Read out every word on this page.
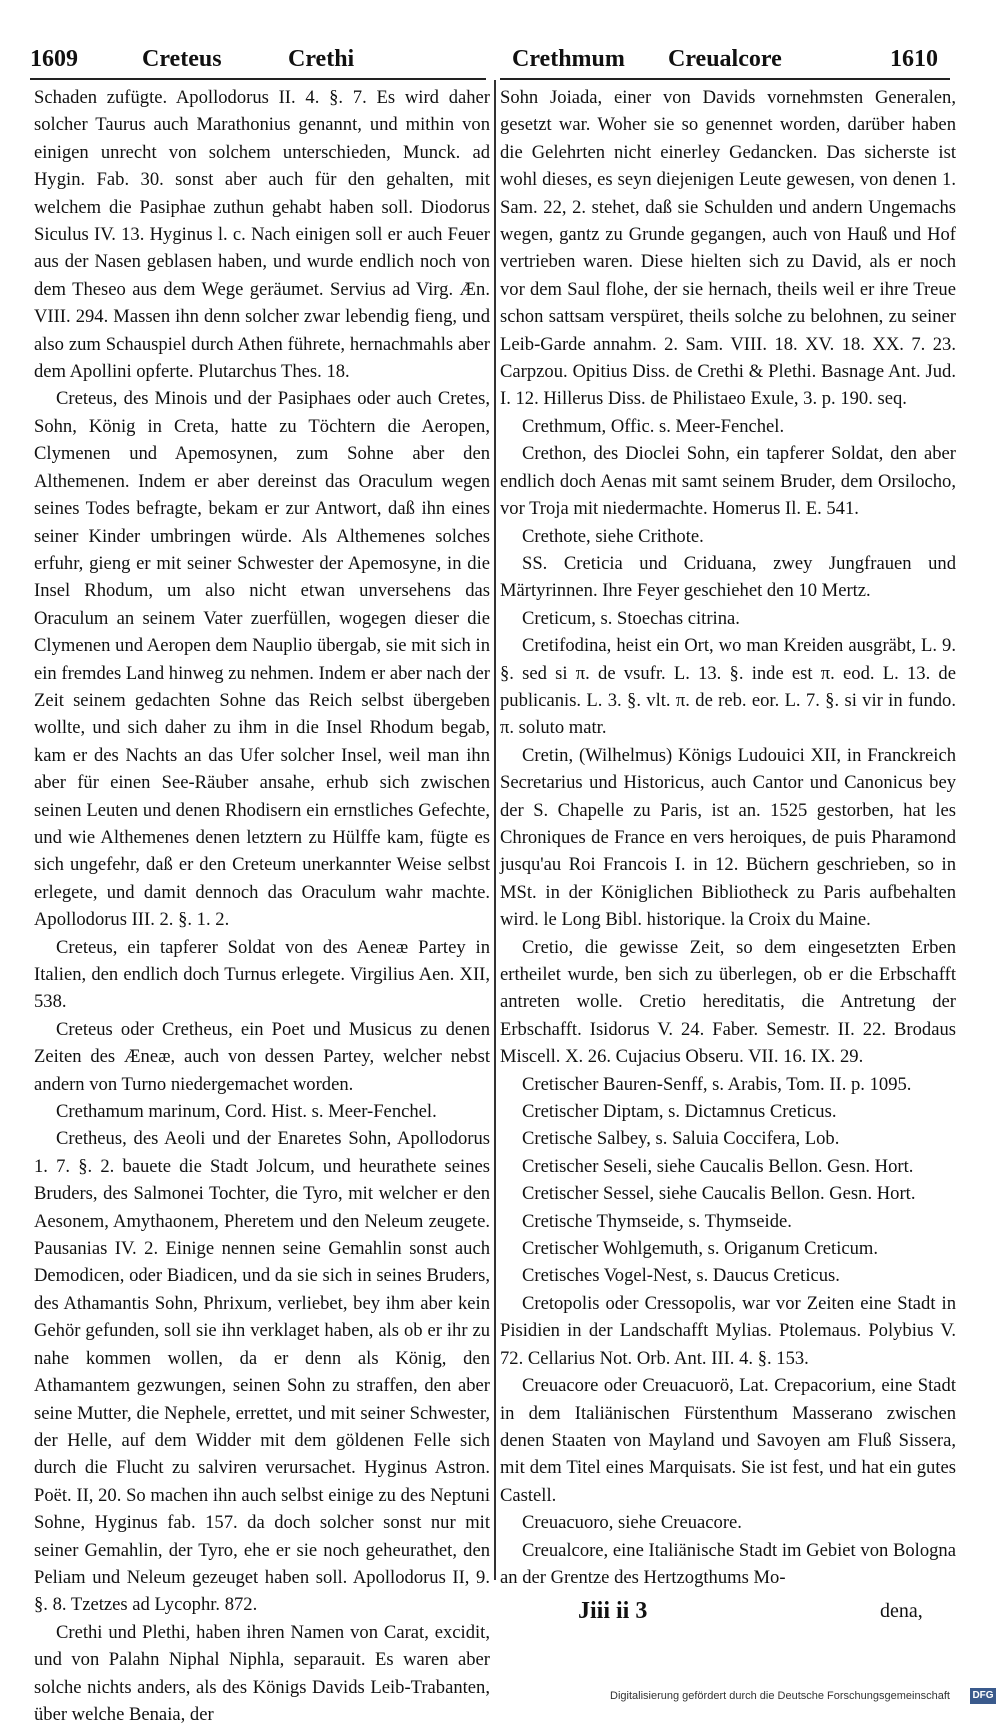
1609	Creteus	Crethi	Crethmum Creualcore	1610

Schaden zufügte. Apollodorus II. 4. §. 7. Es wird daher solcher Taurus auch Marathonius genannt, und mithin von einigen unrecht von solchem unterschieden, Munck. ad Hygin. Fab. 30. sonst aber auch für den gehalten, mit welchem die Pasiphae zuthun gehabt haben soll. Diodorus Siculus IV. 13. Hyginus l. c. Nach einigen soll er auch Feuer aus der Nasen geblasen haben, und wurde endlich noch von dem Theseo aus dem Wege geräumet. Servius ad Virg. Æn. VIII. 294. Massen ihn denn solcher zwar lebendig fieng, und also zum Schauspiel durch Athen führete, hernachmahls aber dem Apollini opferte. Plutarchus Thes. 18.

Creteus, des Minois und der Pasiphaes oder auch Cretes, Sohn, König in Creta, hatte zu Töchtern die Aeropen, Clymenen und Apemosynen, zum Sohne aber den Althemenen. Indem er aber dereinst das Oraculum wegen seines Todes befragte, bekam er zur Antwort, daß ihn eines seiner Kinder umbringen würde. Als Althemenes solches erfuhr, gieng er mit seiner Schwester der Apemosyne, in die Insel Rhodum, um also nicht etwan unversehens das Oraculum an seinem Vater zuerfüllen, wogegen dieser die Clymenen und Aeropen dem Nauplio übergab, sie mit sich in ein fremdes Land hinweg zu nehmen. Indem er aber nach der Zeit seinem gedachten Sohne das Reich selbst übergeben wollte, und sich daher zu ihm in die Insel Rhodum begab, kam er des Nachts an das Ufer solcher Insel, weil man ihn aber für einen See-Räuber ansahe, erhub sich zwischen seinen Leuten und denen Rhodisern ein ernstliches Gefechte, und wie Althemenes denen letztern zu Hülffe kam, fügte es sich ungefehr, daß er den Creteum unerkannter Weise selbst erlegete, und damit dennoch das Oraculum wahr machte. Apollodorus III. 2. §. 1. 2.

Creteus, ein tapferer Soldat von des Aeneæ Partey in Italien, den endlich doch Turnus erlegete. Virgilius Aen. XII, 538.

Creteus oder Cretheus, ein Poet und Musicus zu denen Zeiten des Æneæ, auch von dessen Partey, welcher nebst andern von Turno niedergemachet worden.

Crethamum marinum, Cord. Hist. s. Meer-Fenchel.

Cretheus, des Aeoli und der Enaretes Sohn, Apollodorus 1. 7. §. 2. bauete die Stadt Jolcum, und heurathete seines Bruders, des Salmonei Tochter, die Tyro, mit welcher er den Aesonem, Amythaonem, Pheretem und den Neleum zeugete. Pausanias IV. 2. Einige nennen seine Gemahlin sonst auch Demodicen, oder Biadicen, und da sie sich in seines Bruders, des Athamantis Sohn, Phrixum, verliebet, bey ihm aber kein Gehör gefunden, soll sie ihn verklaget haben, als ob er ihr zu nahe kommen wollen, da er denn als König, den Athamantem gezwungen, seinen Sohn zu straffen, den aber seine Mutter, die Nephele, errettet, und mit seiner Schwester, der Helle, auf dem Widder mit dem göldenen Felle sich durch die Flucht zu salviren verursachet. Hyginus Astron. Poët. II, 20. So machen ihn auch selbst einige zu des Neptuni Sohne, Hyginus fab. 157. da doch solcher sonst nur mit seiner Gemahlin, der Tyro, ehe er sie noch geheurathet, den Peliam und Neleum gezeuget haben soll. Apollodorus II, 9. §. 8. Tzetzes ad Lycophr. 872.

Crethi und Plethi, haben ihren Namen von Carat, excidit, und von Palahn Niphal Niphla, separauit. Es waren aber solche nichts anders, als des Königs Davids Leib-Trabanten, über welche Benaia, der

Sohn Joiada, einer von Davids vornehmsten Generalen, gesetzt war. Woher sie so genennet worden, darüber haben die Gelehrten nicht einerley Gedancken. Das sicherste ist wohl dieses, es seyn diejenigen Leute gewesen, von denen 1. Sam. 22, 2. stehet, daß sie Schulden und andern Ungemachs wegen, gantz zu Grunde gegangen, auch von Hauß und Hof vertrieben waren. Diese hielten sich zu David, als er noch vor dem Saul flohe, der sie hernach, theils weil er ihre Treue schon sattsam verspüret, theils solche zu belohnen, zu seiner Leib-Garde annahm. 2. Sam. VIII. 18. XV. 18. XX. 7. 23. Carpzou. Opitius Diss. de Crethi & Plethi. Basnage Ant. Jud. I. 12. Hillerus Diss. de Philistaeo Exule, 3. p. 190. seq.

Crethmum, Offic. s. Meer-Fenchel.

Crethon, des Dioclei Sohn, ein tapferer Soldat, den aber endlich doch Aenas mit samt seinem Bruder, dem Orsilocho, vor Troja mit niedermachte. Homerus Il. E. 541.

Crethote, siehe Crithote.

SS. Creticia und Criduana, zwey Jungfrauen und Märtyrinnen. Ihre Feyer geschiehet den 10 Mertz.

Creticum, s. Stoechas citrina.

Cretifodina, heist ein Ort, wo man Kreiden ausgräbt, L. 9. §. sed si π. de vsufr. L. 13. §. inde est π. eod. L. 13. de publicanis. L. 3. §. vlt. π. de reb. eor. L. 7. §. si vir in fundo. π. soluto matr.

Cretin, (Wilhelmus) Königs Ludouici XII, in Franckreich Secretarius und Historicus, auch Cantor und Canonicus bey der S. Chapelle zu Paris, ist an. 1525 gestorben, hat les Chroniques de France en vers heroiques, de puis Pharamond jusqu'au Roi Francois I. in 12. Büchern geschrieben, so in MSt. in der Königlichen Bibliotheck zu Paris aufbehalten wird. le Long Bibl. historique. la Croix du Maine.

Cretio, die gewisse Zeit, so dem eingesetzten Erben ertheilet wurde, ben sich zu überlegen, ob er die Erbschafft antreten wolle. Cretio hereditatis, die Antretung der Erbschafft. Isidorus V. 24. Faber. Semestr. II. 22. Brodaus Miscell. X. 26. Cujacius Obseru. VII. 16. IX. 29.

Cretischer Bauren-Senff, s. Arabis, Tom. II. p. 1095.

Cretischer Diptam, s. Dictamnus Creticus.

Cretische Salbey, s. Saluia Coccifera, Lob.

Cretischer Seseli, siehe Caucalis Bellon. Gesn. Hort.

Cretischer Sessel, siehe Caucalis Bellon. Gesn. Hort.

Cretische Thymseide, s. Thymseide.

Cretischer Wohlgemuth, s. Origanum Creticum.

Cretisches Vogel-Nest, s. Daucus Creticus.

Cretopolis oder Cressopolis, war vor Zeiten eine Stadt in Pisidien in der Landschafft Mylias. Ptolemaus. Polybius V. 72. Cellarius Not. Orb. Ant. III. 4. §. 153.

Creuacore oder Creuacuorö, Lat. Crepacorium, eine Stadt in dem Italiänischen Fürstenthum Masserano zwischen denen Staaten von Mayland und Savoyen am Fluß Sissera, mit dem Titel eines Marquisats. Sie ist fest, und hat ein gutes Castell.

Creuacuoro, siehe Creuacore.

Creualcore, eine Italiänische Stadt im Gebiet von Bologna an der Grentze des Hertzogthums Mo-

Jiii ii 3	dena,
Digitalisierung gefördert durch die Deutsche Forschungsgemeinschaft DFG
